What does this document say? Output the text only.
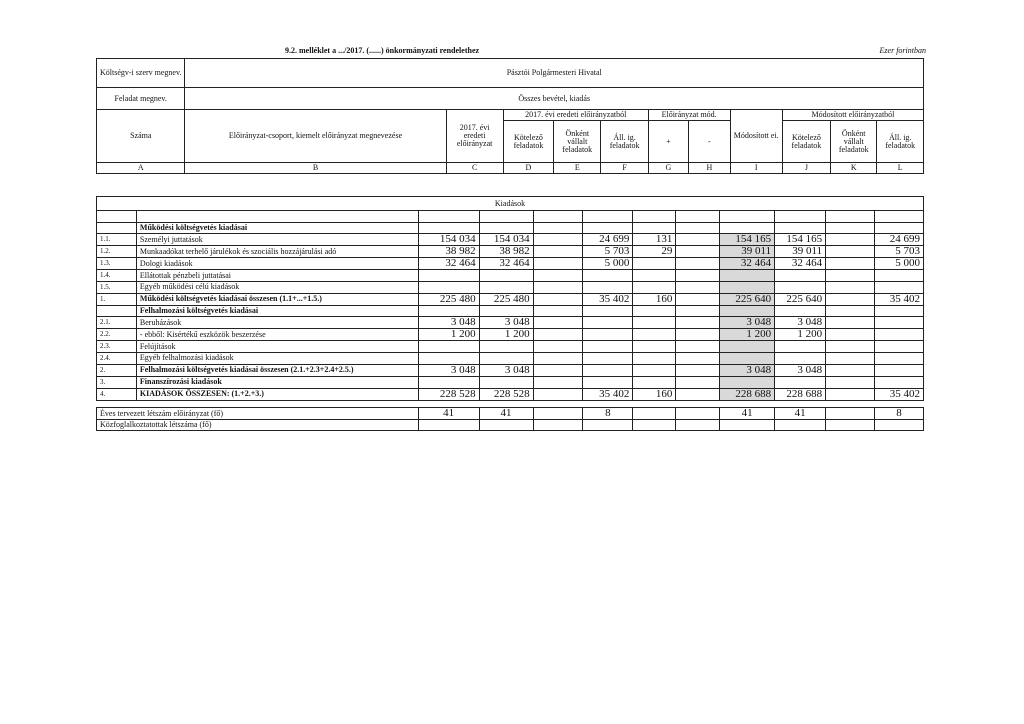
9.2. melléklet a .../2017. (......) önkormányzati rendelethez	Ezer forintban
Költségv-i szerv megnev.	Pásztói Polgármesteri Hivatal										
Feladat megnev.	Összes bevétel, kiadás										
Száma	Előirányzat-csoport, kiemelt előirányzat megnevezése	2017. évi eredeti előirányzat	2017. évi eredeti előirányzatból			Előirányzat mód.		Módosított ei.	Módosított előirányzatból		
			Kötelező feladatok	Önként vállalt feladatok	Áll. ig. feladatok	+	-		Kötelező feladatok	Önként vállalt feladatok	Áll. ig. feladatok
A	B	C	D	E	F	G	H	I	J	K	L
Kiadások											

	Működési költségvetés kiadásai										
1.1.	Személyi juttatások	154 034	154 034		24 699	131		154 165	154 165		24 699
1.2.	Munkaadókat terhelő járulékok és szociális hozzájárulási adó	38 982	38 982		5 703	29		39 011	39 011		5 703
1.3.	Dologi kiadások	32 464	32 464		5 000			32 464	32 464		5 000
1.4.	Ellátottak pénzbeli juttatásai										
1.5.	Egyéb működési célú kiadások										
1.	Működési költségvetés kiadásai összesen (1.1+...+1.5.)	225 480	225 480		35 402	160		225 640	225 640		35 402
	Felhalmozási költségvetés kiadásai										
2.1.	Beruházások	3 048	3 048					3 048	3 048		
2.2.	- ebből: Kisértékű eszközök beszerzése	1 200	1 200					1 200	1 200		
2.3.	Felújítások										
2.4.	Egyéb felhalmozási kiadások										
2.	Felhalmozási költségvetés kiadásai összesen (2.1.+2.3+2.4+2.5.)	3 048	3 048					3 048	3 048		
3.	Finanszírozási kiadások										
4.	KIADÁSOK ÖSSZESEN: (1.+2.+3.)	228 528	228 528		35 402	160		228 688	228 688		35 402
Éves tervezett létszám előirányzat (fő)	41	41		8			41	41		8
Közfoglalkoztatottak létszáma (fő)										
